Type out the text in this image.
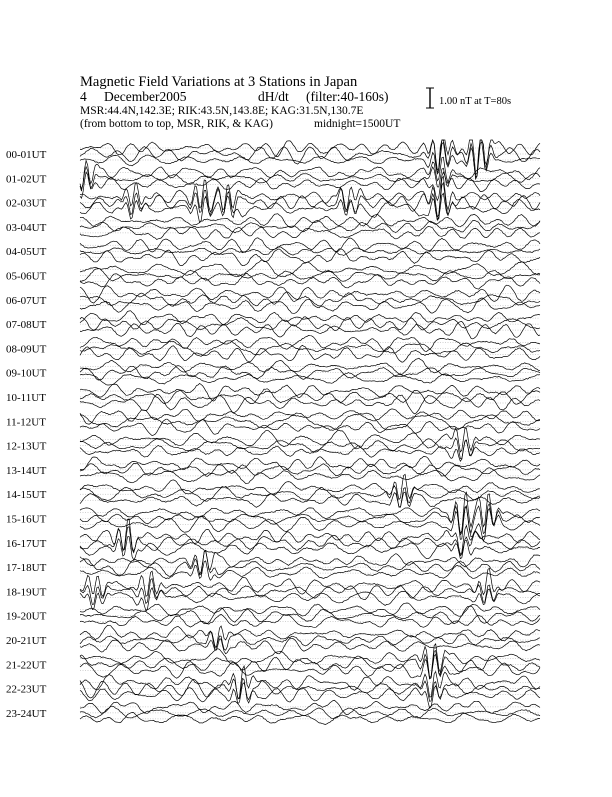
Magnetic Field Variations at 3 Stations in Japan
4 December2005	dH/dt (filter:40-160s)
MSR:44.4N,142.3E; RIK:43.5N,143.8E; KAG:31.5N,130.7E
(from bottom to top, MSR, RIK, & KAG)	midnight=1500UT
1.00 nT at T=80s
00-01UT
01-02UT
02-03UT
03-04UT
04-05UT
05-06UT
06-07UT
07-08UT
08-09UT
09-10UT
10-11UT
11-12UT
12-13UT
13-14UT
14-15UT
15-16UT
16-17UT
17-18UT
18-19UT
19-20UT
20-21UT
21-22UT
22-23UT
23-24UT
